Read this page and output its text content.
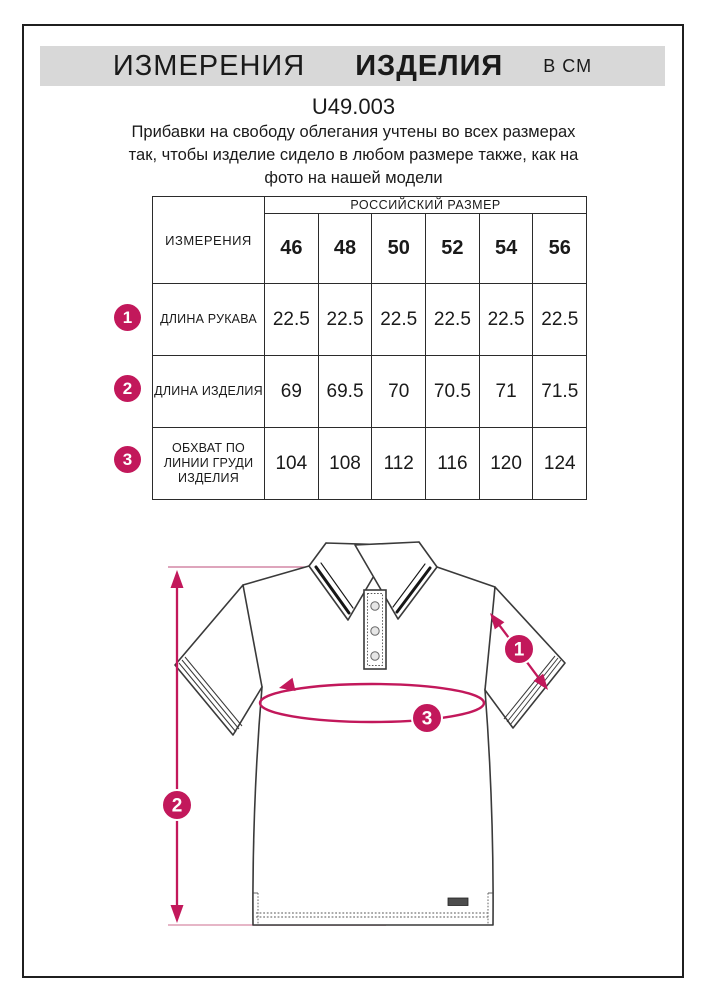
ИЗМЕРЕНИЯ ИЗДЕЛИЯ В СМ
U49.003
Прибавки на свободу облегания учтены во всех размерах
так, чтобы изделие сидело в любом размере также, как на
фото на нашей модели
ИЗМЕРЕНИЯ	РОССИЙСКИЙ РАЗМЕР					
	46	48	50	52	54	56
ДЛИНА РУКАВА	22.5	22.5	22.5	22.5	22.5	22.5
ДЛИНА ИЗДЕЛИЯ	69	69.5	70	70.5	71	71.5
ОБХВАТ ПО ЛИНИИ ГРУДИ ИЗДЕЛИЯ	104	108	112	116	120	124
1
2
3
1
2
3
